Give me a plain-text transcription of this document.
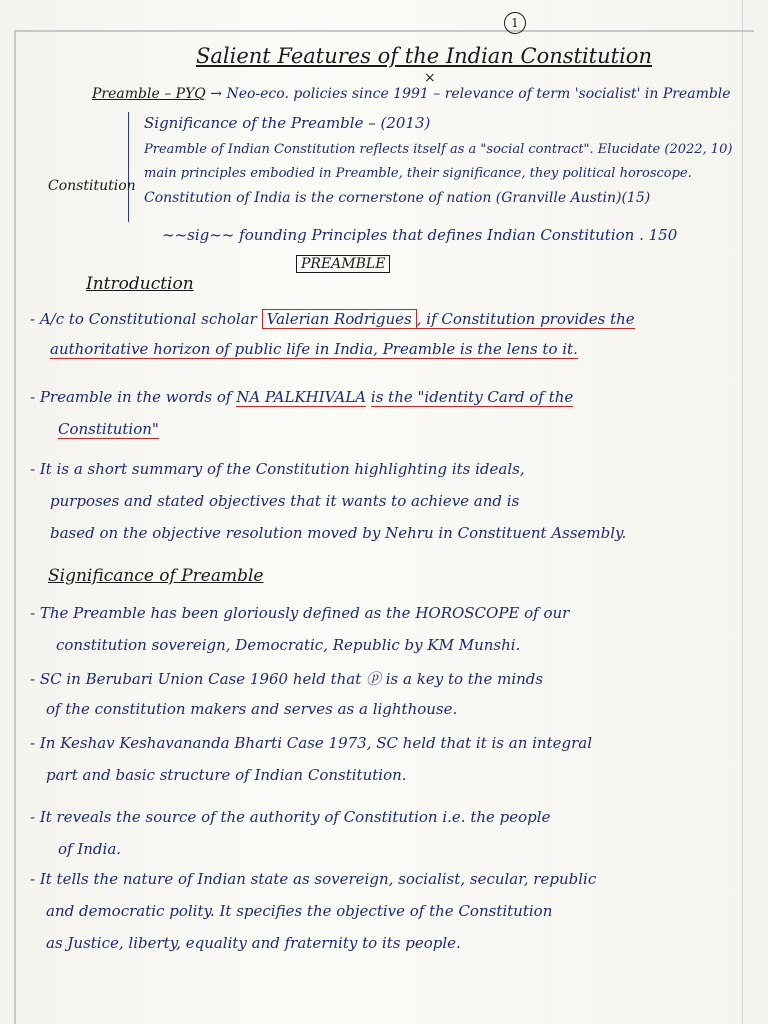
1
Salient Features of the Indian Constitution
×
Preamble – PYQ → Neo-eco. policies since 1991 – relevance of term 'socialist' in Preamble
Significance of the Preamble – (2013)
Preamble of Indian Constitution reflects itself as a "social contract". Elucidate (2022, 10)
main principles embodied in Preamble, their significance, they political horoscope.
Constitution
Constitution of India is the cornerstone of nation (Granville Austin)(15)
~~sig~~ founding Principles that defines Indian Constitution . 150
PREAMBLE
Introduction
- A/c to Constitutional scholar Valerian Rodrigues , if Constitution provides the
authoritative horizon of public life in India, Preamble is the lens to it.
- Preamble in the words of NA PALKHIVALA is the "identity Card of the
Constitution"
- It is a short summary of the Constitution highlighting its ideals,
purposes and stated objectives that it wants to achieve and is
based on the objective resolution moved by Nehru in Constituent Assembly.
Significance of Preamble
- The Preamble has been gloriously defined as the HOROSCOPE of our
constitution sovereign, Democratic, Republic by KM Munshi.
- SC in Berubari Union Case 1960 held that ⓟ is a key to the minds
of the constitution makers and serves as a lighthouse.
- In Keshav Keshavananda Bharti Case 1973, SC held that it is an integral
part and basic structure of Indian Constitution.
- It reveals the source of the authority of Constitution i.e. the people
of India.
- It tells the nature of Indian state as sovereign, socialist, secular, republic
and democratic polity. It specifies the objective of the Constitution
as Justice, liberty, equality and fraternity to its people.
